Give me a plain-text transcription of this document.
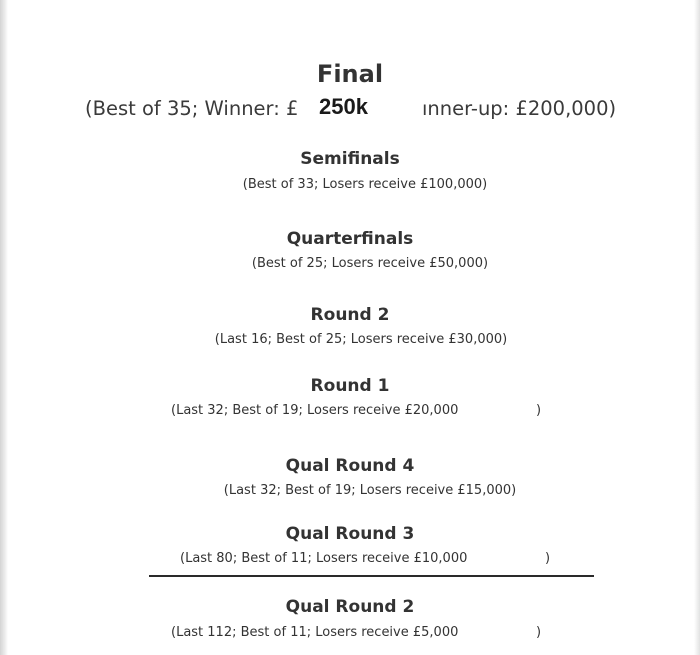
Final
(Best of 35; Winner: £	ınner-up: £200,000)
250k
Semifinals
(Best of 33; Losers receive £100,000)
Quarterfinals
(Best of 25; Losers receive £50,000)
Round 2
(Last 16; Best of 25; Losers receive £30,000)
Round 1
(Last 32; Best of 19; Losers receive £20,000	)
Qual Round 4
(Last 32; Best of 19; Losers receive £15,000)
Qual Round 3
(Last 80; Best of 11; Losers receive £10,000	)
Qual Round 2
(Last 112; Best of 11; Losers receive £5,000	)
